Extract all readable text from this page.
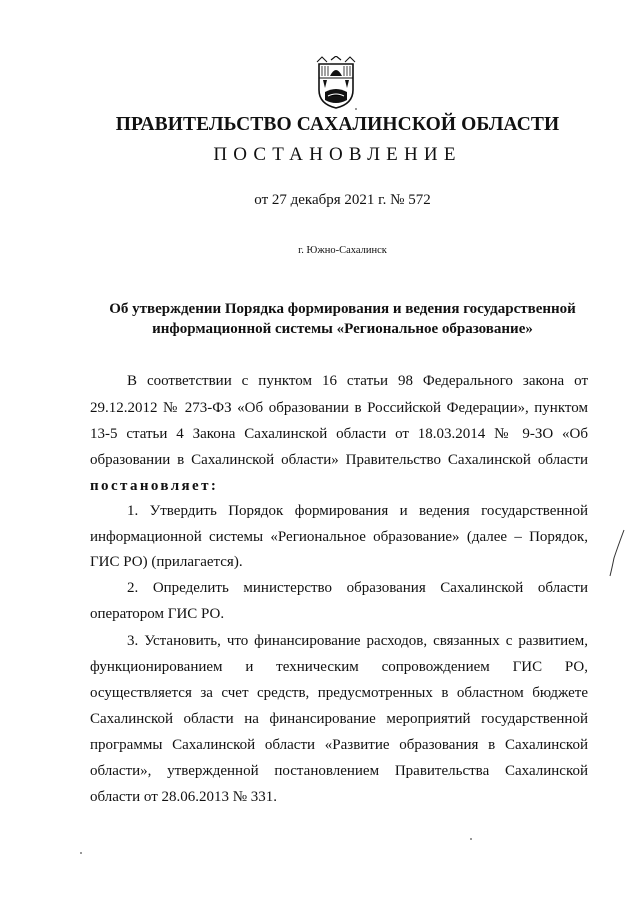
ПРАВИТЕЛЬСТВО САХАЛИНСКОЙ ОБЛАСТИ
ПОСТАНОВЛЕНИЕ
от 27 декабря 2021 г. № 572
г. Южно-Сахалинск
Об утверждении Порядка формирования и ведения государственной
информационной системы «Региональное образование»
В соответствии с пунктом 16 статьи 98 Федерального закона от
29.12.2012 № 273-ФЗ «Об образовании в Российской Федерации», пунктом
13-5 статьи 4 Закона Сахалинской области от 18.03.2014 № 9-ЗО «Об
образовании в Сахалинской области» Правительство Сахалинской области
постановляет:
1. Утвердить Порядок формирования и ведения государственной
информационной системы «Региональное образование» (далее – Порядок,
ГИС РО) (прилагается).
2. Определить министерство образования Сахалинской области
оператором ГИС РО.
3. Установить, что финансирование расходов, связанных с развитием,
функционированием и техническим сопровождением ГИС РО,
осуществляется за счет средств, предусмотренных в областном бюджете
Сахалинской области на финансирование мероприятий государственной
программы Сахалинской области «Развитие образования в Сахалинской
области», утвержденной постановлением Правительства Сахалинской
области от 28.06.2013 № 331.
